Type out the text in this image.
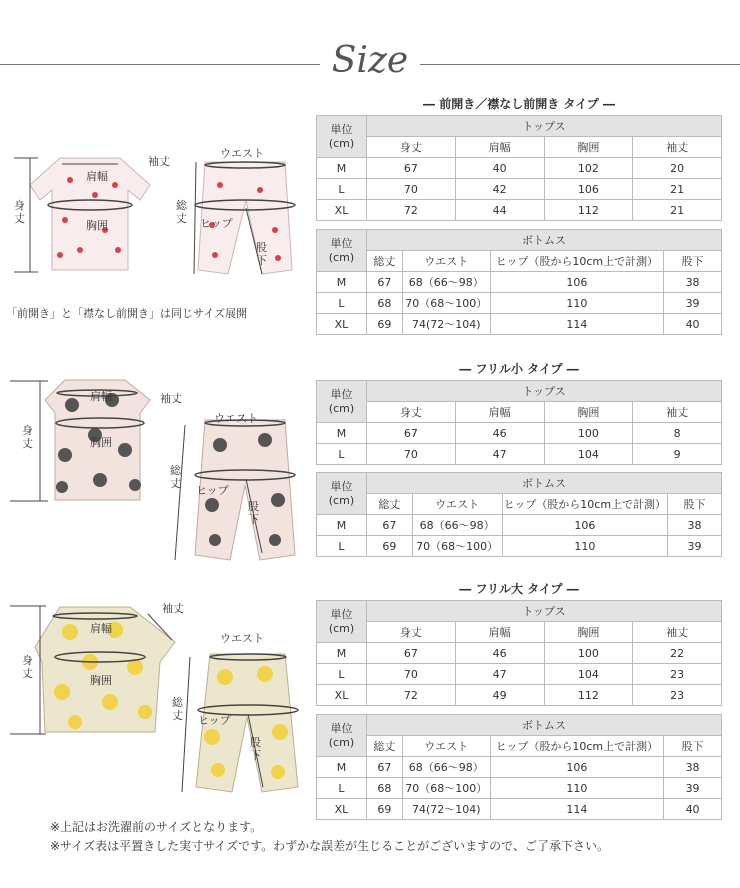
Size
袖丈
肩幅
胸囲
身丈
ウエスト
ヒップ
総丈
股下
「前開き」と「襟なし前開き」は同じサイズ展開
― 前開き／襟なし前開き タイプ ―
単位
(cm)	トップス			
	身丈	肩幅	胸囲	袖丈
M	67	40	102	20
L	70	42	106	21
XL	72	44	112	21
単位
(cm)	ボトムス			
	総丈	ウエスト	ヒップ（股から10cm上で計測）	股下
M	67	68（66〜98）	106	38
L	68	70（68〜100）	110	39
XL	69	74(72〜104)	114	40
袖丈
肩幅
胸囲
身丈
ウエスト
ヒップ
総丈
股下
― フリル小 タイプ ―
単位
(cm)	トップス			
	身丈	肩幅	胸囲	袖丈
M	67	46	100	8
L	70	47	104	9
単位
(cm)	ボトムス			
	総丈	ウエスト	ヒップ（股から10cm上で計測）	股下
M	67	68（66〜98）	106	38
L	69	70（68〜100）	110	39
袖丈
肩幅
胸囲
身丈
ウエスト
ヒップ
総丈
股下
― フリル大 タイプ ―
単位
(cm)	トップス			
	身丈	肩幅	胸囲	袖丈
M	67	46	100	22
L	70	47	104	23
XL	72	49	112	23
単位
(cm)	ボトムス			
	総丈	ウエスト	ヒップ（股から10cm上で計測）	股下
M	67	68（66〜98）	106	38
L	68	70（68〜100）	110	39
XL	69	74(72〜104)	114	40
※上記はお洗濯前のサイズとなります。
※サイズ表は平置きした実寸サイズです。わずかな誤差が生じることがございますので、ご了承下さい。
